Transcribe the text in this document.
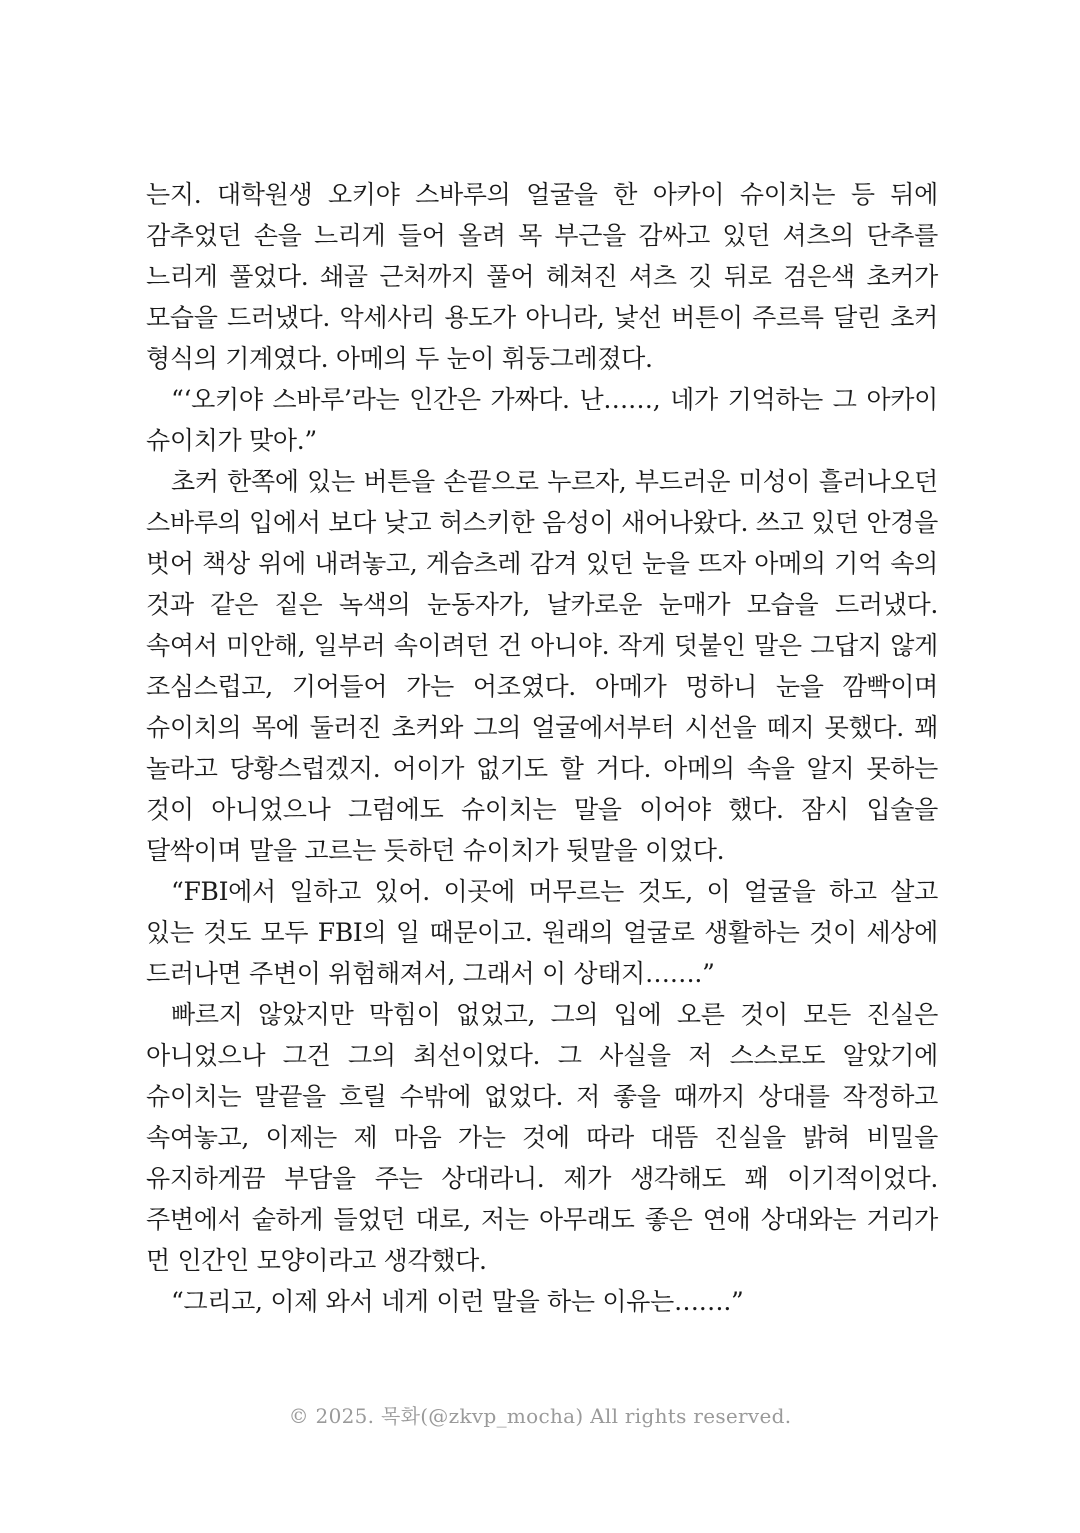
는지. 대학원생 오키야 스바루의 얼굴을 한 아카이 슈이치는 등 뒤에 감추었던 손을 느리게 들어 올려 목 부근을 감싸고 있던 셔츠의 단추를 느리게 풀었다. 쇄골 근처까지 풀어 헤쳐진 셔츠 깃 뒤로 검은색 초커가 모습을 드러냈다. 악세사리 용도가 아니라, 낯선 버튼이 주르륵 달린 초커 형식의 기계였다. 아메의 두 눈이 휘둥그레졌다.

“‘오키야 스바루’라는 인간은 가짜다. 난……, 네가 기억하는 그 아카이 슈이치가 맞아.”

초커 한쪽에 있는 버튼을 손끝으로 누르자, 부드러운 미성이 흘러나오던 스바루의 입에서 보다 낮고 허스키한 음성이 새어나왔다. 쓰고 있던 안경을 벗어 책상 위에 내려놓고, 게슴츠레 감겨 있던 눈을 뜨자 아메의 기억 속의 것과 같은 짙은 녹색의 눈동자가, 날카로운 눈매가 모습을 드러냈다. 속여서 미안해, 일부러 속이려던 건 아니야. 작게 덧붙인 말은 그답지 않게 조심스럽고, 기어들어 가는 어조였다. 아메가 멍하니 눈을 깜빡이며 슈이치의 목에 둘러진 초커와 그의 얼굴에서부터 시선을 떼지 못했다. 꽤 놀라고 당황스럽겠지. 어이가 없기도 할 거다. 아메의 속을 알지 못하는 것이 아니었으나 그럼에도 슈이치는 말을 이어야 했다. 잠시 입술을 달싹이며 말을 고르는 듯하던 슈이치가 뒷말을 이었다.

“FBI에서 일하고 있어. 이곳에 머무르는 것도, 이 얼굴을 하고 살고 있는 것도 모두 FBI의 일 때문이고. 원래의 얼굴로 생활하는 것이 세상에 드러나면 주변이 위험해져서, 그래서 이 상태지…….”

빠르지 않았지만 막힘이 없었고, 그의 입에 오른 것이 모든 진실은 아니었으나 그건 그의 최선이었다. 그 사실을 저 스스로도 알았기에 슈이치는 말끝을 흐릴 수밖에 없었다. 저 좋을 때까지 상대를 작정하고 속여놓고, 이제는 제 마음 가는 것에 따라 대뜸 진실을 밝혀 비밀을 유지하게끔 부담을 주는 상대라니. 제가 생각해도 꽤 이기적이었다. 주변에서 숱하게 들었던 대로, 저는 아무래도 좋은 연애 상대와는 거리가 먼 인간인 모양이라고 생각했다.

“그리고, 이제 와서 네게 이런 말을 하는 이유는…….”

© 2025. 목화(@zkvp_mocha) All rights reserved.
